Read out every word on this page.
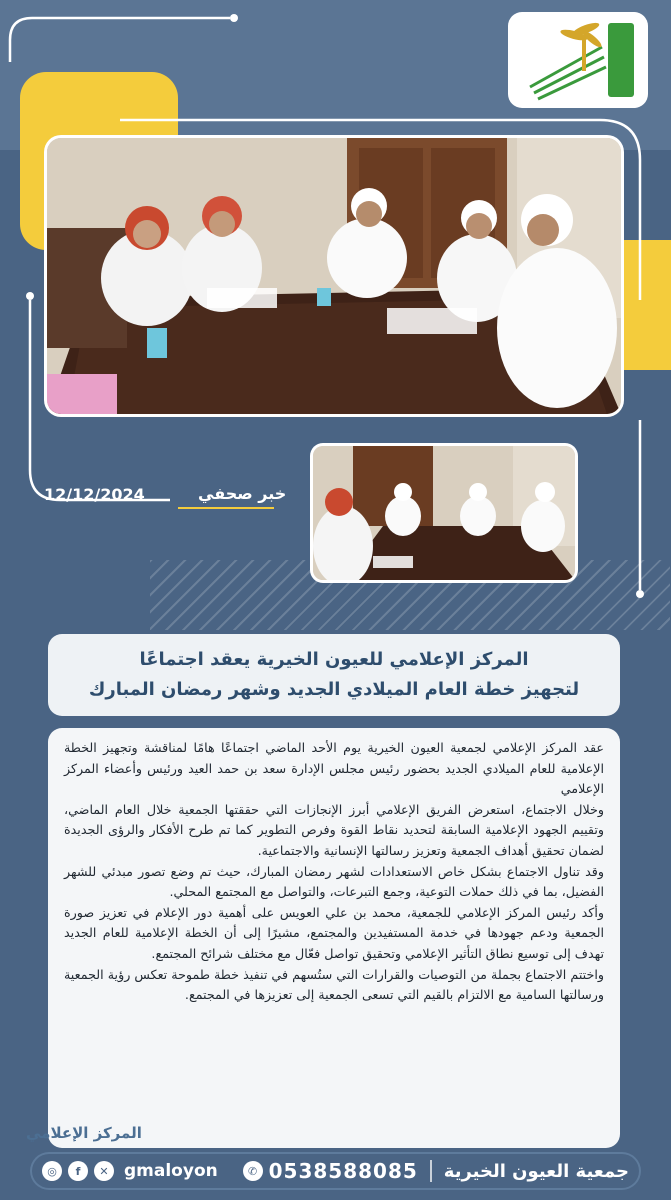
12/12/2024	خبر صحفي
المركز الإعلامي للعيون الخيرية يعقد اجتماعًا
لتجهيز خطة العام الميلادي الجديد وشهر رمضان المبارك

عقد المركز الإعلامي لجمعية العيون الخيرية يوم الأحد الماضي اجتماعًا هامًا لمناقشة وتجهيز الخطة الإعلامية للعام الميلادي الجديد بحضور رئيس مجلس الإدارة سعد بن حمد العيد ورئيس وأعضاء المركز الإعلامي

وخلال الاجتماع، استعرض الفريق الإعلامي أبرز الإنجازات التي حققتها الجمعية خلال العام الماضي، وتقييم الجهود الإعلامية السابقة لتحديد نقاط القوة وفرص التطوير كما تم طرح الأفكار والرؤى الجديدة لضمان تحقيق أهداف الجمعية وتعزيز رسالتها الإنسانية والاجتماعية.

وقد تناول الاجتماع بشكل خاص الاستعدادات لشهر رمضان المبارك، حيث تم وضع تصور مبدئي للشهر الفضيل، بما في ذلك حملات التوعية، وجمع التبرعات، والتواصل مع المجتمع المحلي.

وأكد رئيس المركز الإعلامي للجمعية، محمد بن علي العويس على أهمية دور الإعلام في تعزيز صورة الجمعية ودعم جهودها في خدمة المستفيدين والمجتمع، مشيرًا إلى أن الخطة الإعلامية للعام الجديد تهدف إلى توسيع نطاق التأثير الإعلامي وتحقيق تواصل فعّال مع مختلف شرائح المجتمع.

واختتم الاجتماع بجملة من التوصيات والقرارات التي ستُسهم في تنفيذ خطة طموحة تعكس رؤية الجمعية ورسالتها السامية مع الالتزام بالقيم التي تسعى الجمعية إلى تعزيزها في المجتمع.

المركز الإعلامي
◎	f	✕ gmaloyon	✆ 0538588085 جمعية العيون الخيرية
